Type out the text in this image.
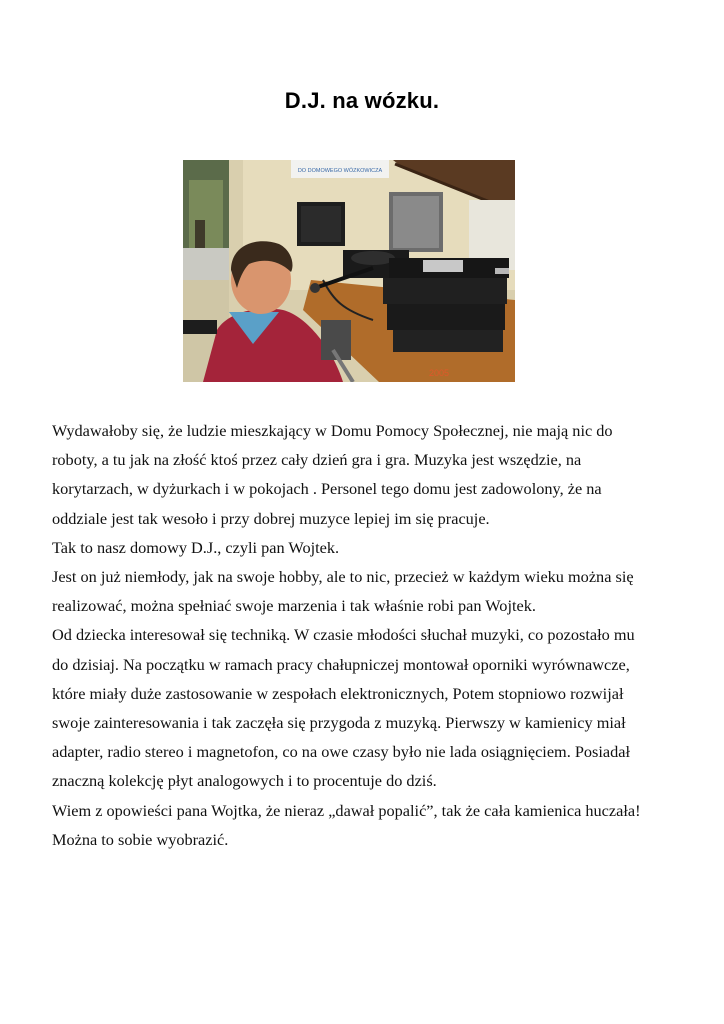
D.J. na wózku.
DO DOMOWEGO WÓZKOWICZA
2005
Wydawałoby się, że ludzie mieszkający w Domu Pomocy Społecznej, nie mają nic do
roboty, a tu jak na złość ktoś przez cały dzień gra i gra. Muzyka jest wszędzie, na
korytarzach, w dyżurkach i w pokojach . Personel tego domu jest zadowolony, że na
oddziale jest tak wesoło i przy dobrej muzyce lepiej im się pracuje.
Tak to nasz domowy D.J., czyli pan Wojtek.
Jest on już niemłody, jak na swoje hobby, ale to nic, przecież w każdym wieku można się
realizować, można spełniać swoje marzenia i tak właśnie robi pan Wojtek.
Od dziecka interesował się techniką. W czasie młodości słuchał muzyki, co pozostało mu
do dzisiaj. Na początku w ramach pracy chałupniczej montował oporniki wyrównawcze,
które miały duże zastosowanie w zespołach elektronicznych, Potem stopniowo rozwijał
swoje zainteresowania i tak zaczęła się przygoda z muzyką. Pierwszy w kamienicy miał
adapter, radio stereo i magnetofon, co na owe czasy było nie lada osiągnięciem. Posiadał
znaczną kolekcję płyt analogowych i to procentuje do dziś.
Wiem z opowieści pana Wojtka, że nieraz „dawał popalić”, tak że cała kamienica huczała!
Można to sobie wyobrazić.
